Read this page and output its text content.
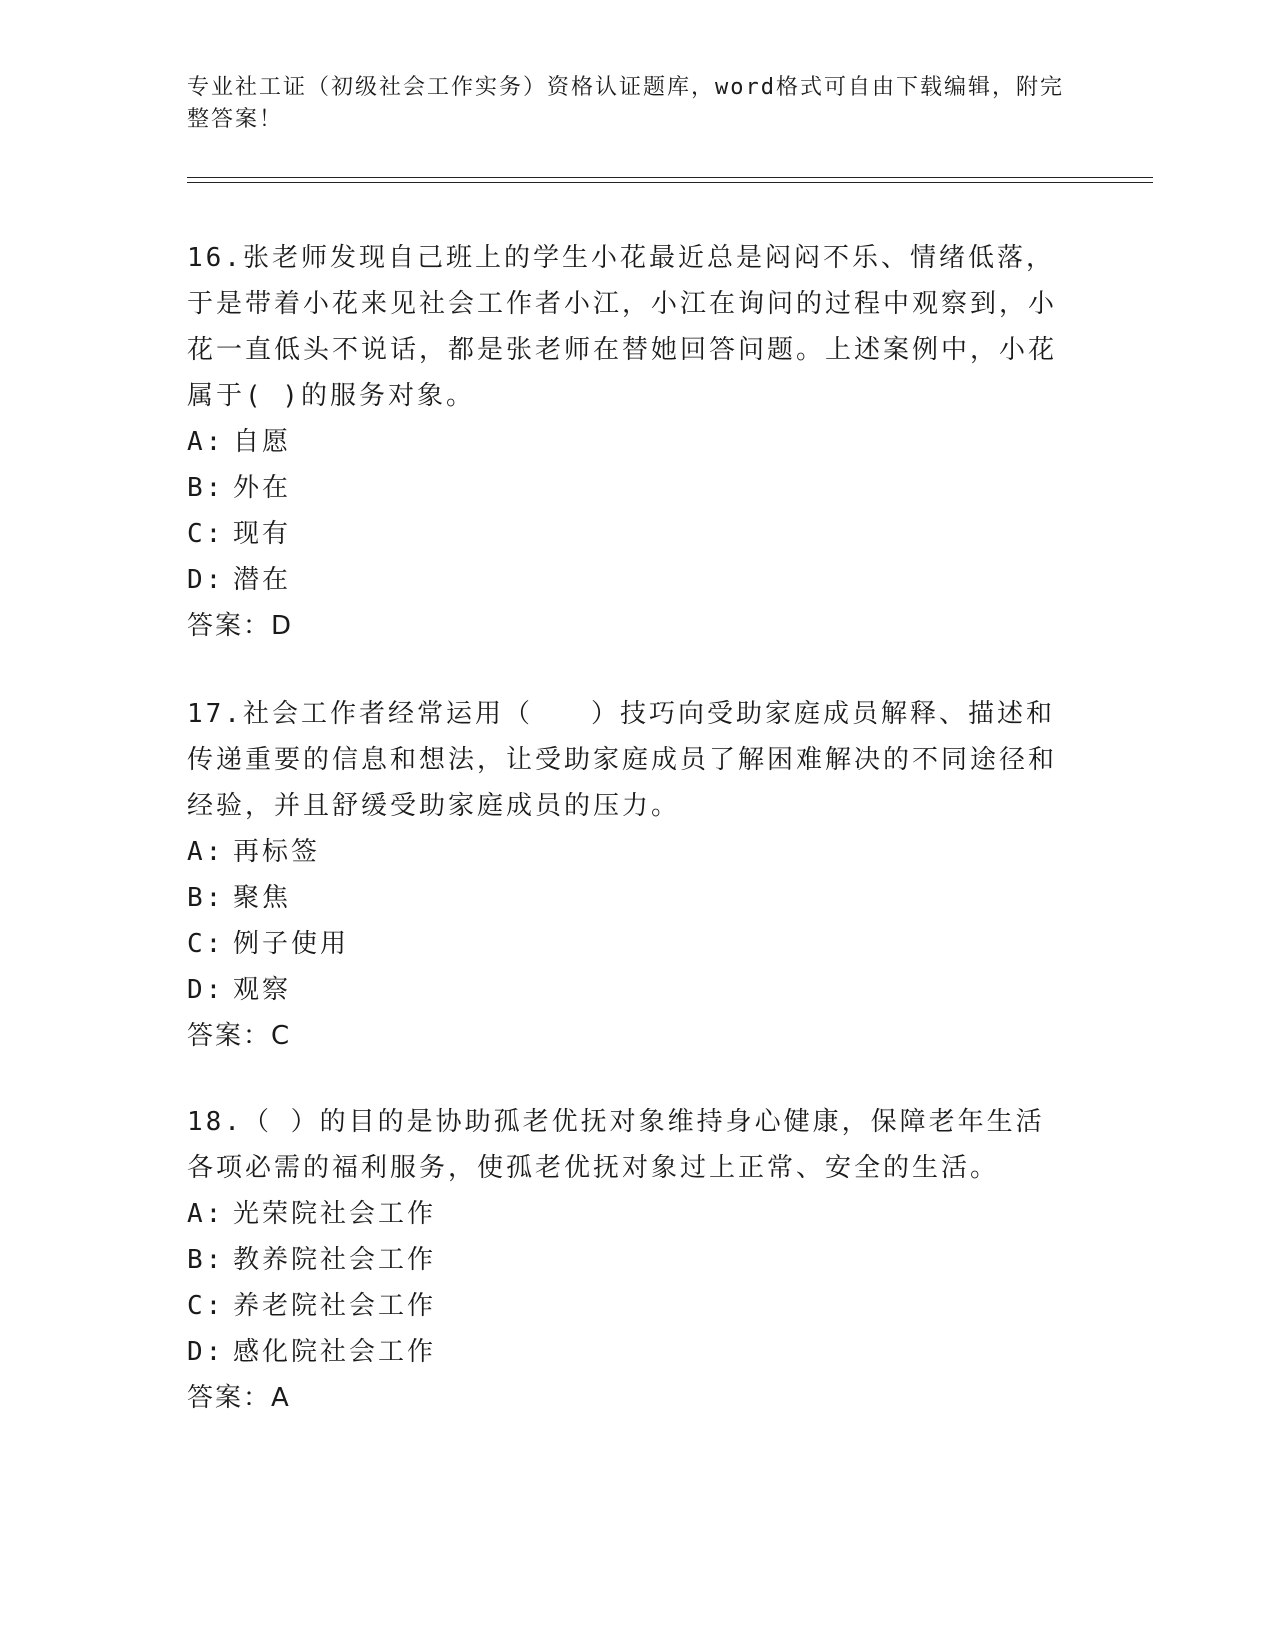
专业社工证（初级社会工作实务）资格认证题库，word格式可自由下载编辑，附完整答案！

16.张老师发现自己班上的学生小花最近总是闷闷不乐、情绪低落，于是带着小花来见社会工作者小江，小江在询问的过程中观察到，小花一直低头不说话，都是张老师在替她回答问题。上述案例中，小花属于( )的服务对象。

A: 自愿

B: 外在

C: 现有

D: 潜在

答案：D

17.社会工作者经常运用（　　）技巧向受助家庭成员解释、描述和传递重要的信息和想法，让受助家庭成员了解困难解决的不同途径和经验，并且舒缓受助家庭成员的压力。

A: 再标签

B: 聚焦

C: 例子使用

D: 观察

答案：C

18.（ ）的目的是协助孤老优抚对象维持身心健康，保障老年生活各项必需的福利服务，使孤老优抚对象过上正常、安全的生活。

A: 光荣院社会工作

B: 教养院社会工作

C: 养老院社会工作

D: 感化院社会工作

答案：A
